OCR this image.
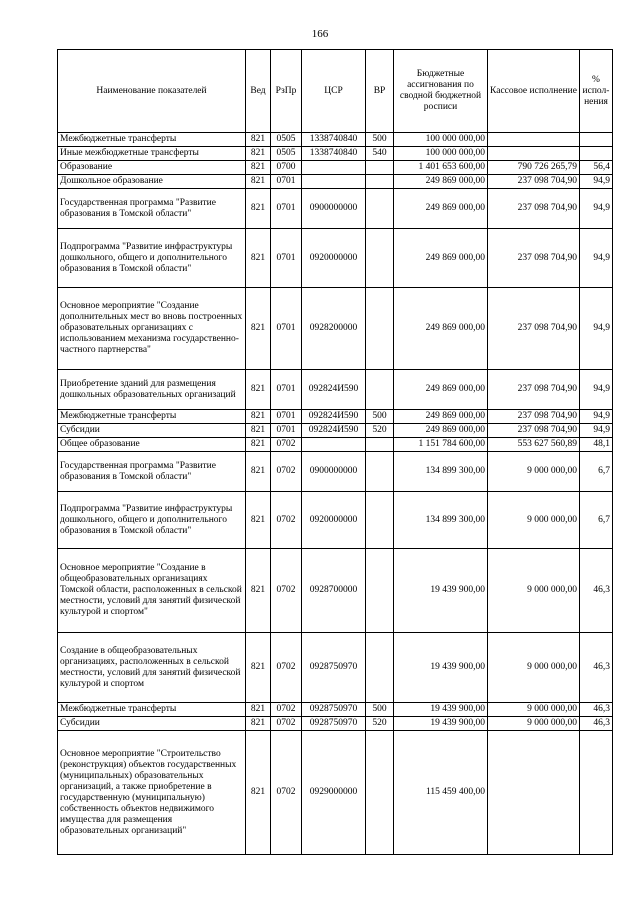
166
Наименование показателей	Вед	РзПр	ЦСР	ВР	Бюджетные ассигнования по сводной бюджетной росписи	Кассовое исполнение	% испол-нения
Межбюджетные трансферты	821	0505	1338740840	500	100 000 000,00		
Иные межбюджетные трансферты	821	0505	1338740840	540	100 000 000,00		
Образование	821	0700			1 401 653 600,00	790 726 265,79	56,4
Дошкольное образование	821	0701			249 869 000,00	237 098 704,90	94,9
Государственная программа "Развитие образования в Томской области"	821	0701	0900000000		249 869 000,00	237 098 704,90	94,9
Подпрограмма "Развитие инфраструктуры дошкольного, общего и дополнительного образования в Томской области"	821	0701	0920000000		249 869 000,00	237 098 704,90	94,9
Основное мероприятие "Создание дополнительных мест во вновь построенных образовательных организациях с использованием механизма государственно-частного партнерства"	821	0701	0928200000		249 869 000,00	237 098 704,90	94,9
Приобретение зданий для размещения дошкольных образовательных организаций	821	0701	092824И590		249 869 000,00	237 098 704,90	94,9
Межбюджетные трансферты	821	0701	092824И590	500	249 869 000,00	237 098 704,90	94,9
Субсидии	821	0701	092824И590	520	249 869 000,00	237 098 704,90	94,9
Общее образование	821	0702			1 151 784 600,00	553 627 560,89	48,1
Государственная программа "Развитие образования в Томской области"	821	0702	0900000000		134 899 300,00	9 000 000,00	6,7
Подпрограмма "Развитие инфраструктуры дошкольного, общего и дополнительного образования в Томской области"	821	0702	0920000000		134 899 300,00	9 000 000,00	6,7
Основное мероприятие "Создание в общеобразовательных организациях Томской области, расположенных в сельской местности, условий для занятий физической культурой и спортом"	821	0702	0928700000		19 439 900,00	9 000 000,00	46,3
Создание в общеобразовательных организациях, расположенных в сельской местности, условий для занятий физической культурой и спортом	821	0702	0928750970		19 439 900,00	9 000 000,00	46,3
Межбюджетные трансферты	821	0702	0928750970	500	19 439 900,00	9 000 000,00	46,3
Субсидии	821	0702	0928750970	520	19 439 900,00	9 000 000,00	46,3
Основное мероприятие "Строительство (реконструкция) объектов государственных (муниципальных) образовательных организаций, а также приобретение в государственную (муниципальную) собственность объектов недвижимого имущества для размещения образовательных организаций"	821	0702	0929000000		115 459 400,00		
